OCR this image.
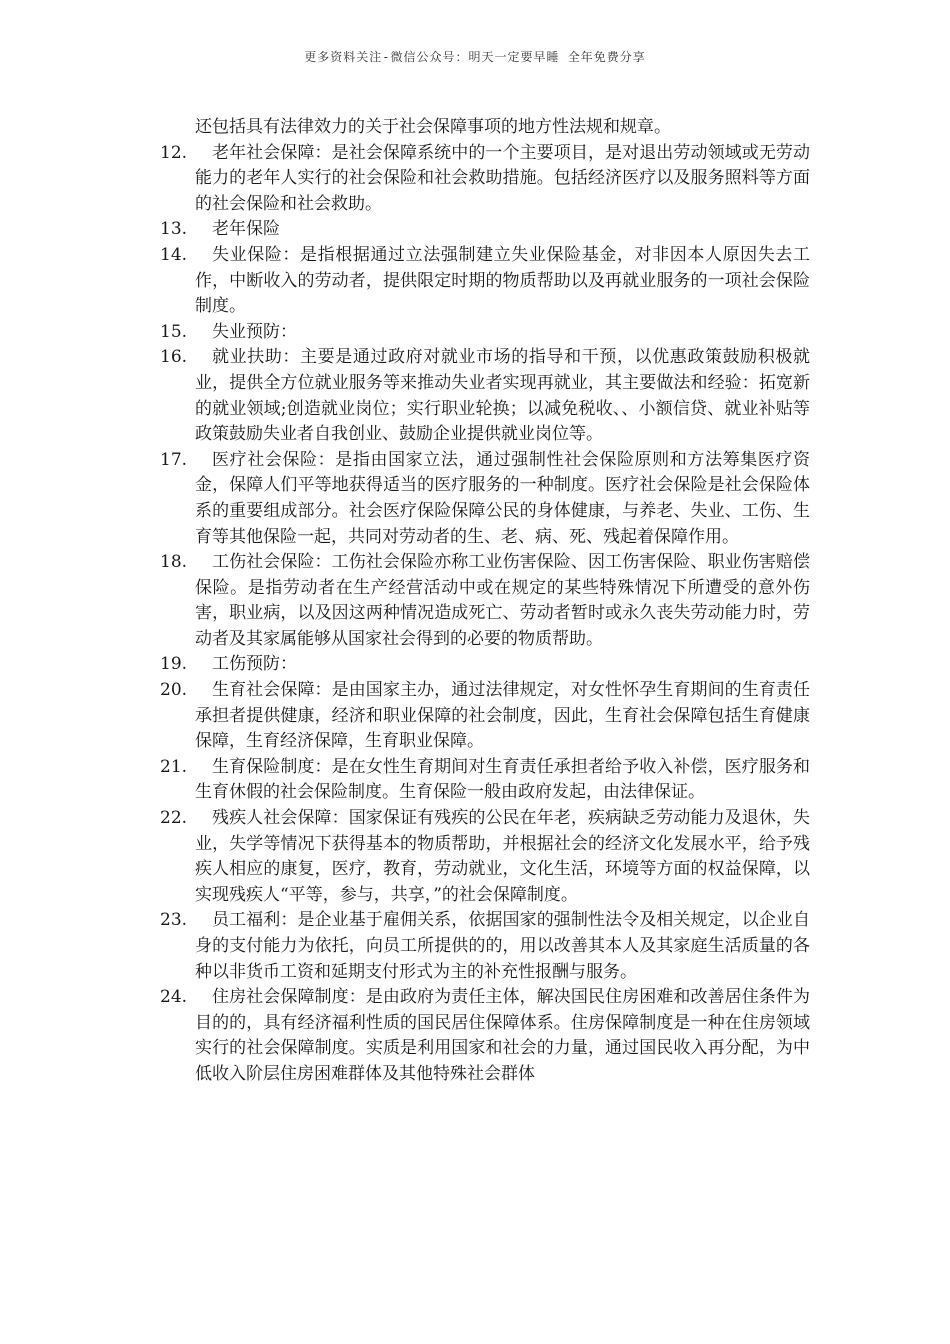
更多资料关注-微信公众号：明天一定要早睡 全年免费分享
还包括具有法律效力的关于社会保障事项的地方性法规和规章。
12.	老年社会保障：是社会保障系统中的一个主要项目，是对退出劳动领域或无劳动能力的老年人实行的社会保险和社会救助措施。包括经济医疗以及服务照料等方面的社会保险和社会救助。
13.	老年保险
14.	失业保险：是指根据通过立法强制建立失业保险基金，对非因本人原因失去工作，中断收入的劳动者，提供限定时期的物质帮助以及再就业服务的一项社会保险制度。
15.	失业预防：
16.	就业扶助：主要是通过政府对就业市场的指导和干预，以优惠政策鼓励积极就业，提供全方位就业服务等来推动失业者实现再就业，其主要做法和经验：拓宽新的就业领域;创造就业岗位；实行职业轮换；以减免税收、、小额信贷、就业补贴等政策鼓励失业者自我创业、鼓励企业提供就业岗位等。
17.	医疗社会保险：是指由国家立法，通过强制性社会保险原则和方法筹集医疗资金，保障人们平等地获得适当的医疗服务的一种制度。医疗社会保险是社会保险体系的重要组成部分。社会医疗保险保障公民的身体健康，与养老、失业、工伤、生育等其他保险一起，共同对劳动者的生、老、病、死、残起着保障作用。
18.	工伤社会保险：工伤社会保险亦称工业伤害保险、因工伤害保险、职业伤害赔偿保险。是指劳动者在生产经营活动中或在规定的某些特殊情况下所遭受的意外伤害，职业病，以及因这两种情况造成死亡、劳动者暂时或永久丧失劳动能力时，劳动者及其家属能够从国家社会得到的必要的物质帮助。
19.	工伤预防：
20.	生育社会保障：是由国家主办，通过法律规定，对女性怀孕生育期间的生育责任承担者提供健康，经济和职业保障的社会制度，因此，生育社会保障包括生育健康保障，生育经济保障，生育职业保障。
21.	生育保险制度：是在女性生育期间对生育责任承担者给予收入补偿，医疗服务和生育休假的社会保险制度。生育保险一般由政府发起，由法律保证。
22.	残疾人社会保障：国家保证有残疾的公民在年老，疾病缺乏劳动能力及退休，失业，失学等情况下获得基本的物质帮助，并根据社会的经济文化发展水平，给予残疾人相应的康复，医疗，教育，劳动就业，文化生活，环境等方面的权益保障，以实现残疾人“平等，参与，共享，”的社会保障制度。
23.	员工福利：是企业基于雇佣关系，依据国家的强制性法令及相关规定，以企业自身的支付能力为依托，向员工所提供的的，用以改善其本人及其家庭生活质量的各种以非货币工资和延期支付形式为主的补充性报酬与服务。
24.	住房社会保障制度：是由政府为责任主体，解决国民住房困难和改善居住条件为目的的，具有经济福利性质的国民居住保障体系。住房保障制度是一种在住房领域实行的社会保障制度。实质是利用国家和社会的力量，通过国民收入再分配，为中低收入阶层住房困难群体及其他特殊社会群体
